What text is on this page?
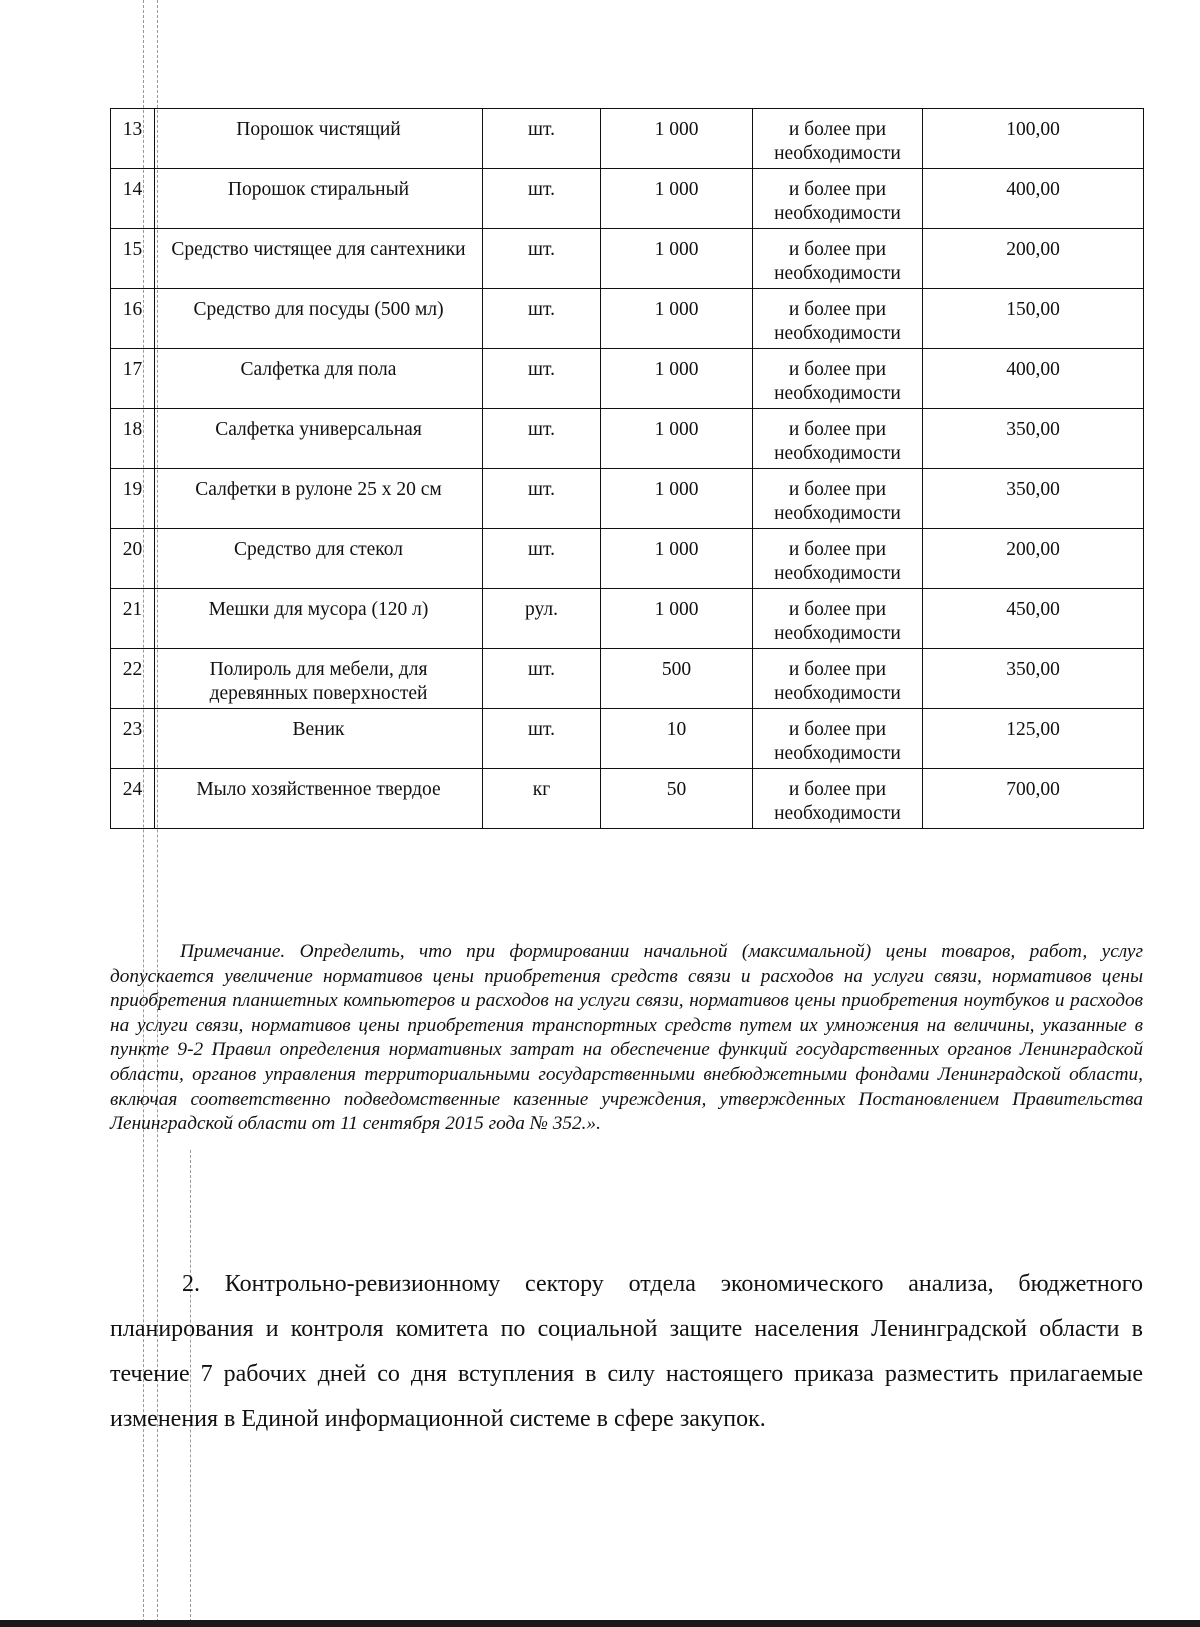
13	Порошок чистящий	шт.	1 000	и более при необходимости	100,00
14	Порошок стиральный	шт.	1 000	и более при необходимости	400,00
15	Средство чистящее для сантехники	шт.	1 000	и более при необходимости	200,00
16	Средство для посуды (500 мл)	шт.	1 000	и более при необходимости	150,00
17	Салфетка для пола	шт.	1 000	и более при необходимости	400,00
18	Салфетка универсальная	шт.	1 000	и более при необходимости	350,00
19	Салфетки в рулоне 25 х 20 см	шт.	1 000	и более при необходимости	350,00
20	Средство для стекол	шт.	1 000	и более при необходимости	200,00
21	Мешки для мусора (120 л)	рул.	1 000	и более при необходимости	450,00
22	Полироль для мебели, для деревянных поверхностей	шт.	500	и более при необходимости	350,00
23	Веник	шт.	10	и более при необходимости	125,00
24	Мыло хозяйственное твердое	кг	50	и более при необходимости	700,00

Примечание. Определить, что при формировании начальной (максимальной) цены товаров, работ, услуг допускается увеличение нормативов цены приобретения средств связи и расходов на услуги связи, нормативов цены приобретения планшетных компьютеров и расходов на услуги связи, нормативов цены приобретения ноутбуков и расходов на услуги связи, нормативов цены приобретения транспортных средств путем их умножения на величины, указанные в пункте 9-2 Правил определения нормативных затрат на обеспечение функций государственных органов Ленинградской области, органов управления территориальными государственными внебюджетными фондами Ленинградской области, включая соответственно подведомственные казенные учреждения, утвержденных Постановлением Правительства Ленинградской области от 11 сентября 2015 года № 352.».

2. Контрольно-ревизионному сектору отдела экономического анализа, бюджетного планирования и контроля комитета по социальной защите населения Ленинградской области в течение 7 рабочих дней со дня вступления в силу настоящего приказа разместить прилагаемые изменения в Единой информационной системе в сфере закупок.
